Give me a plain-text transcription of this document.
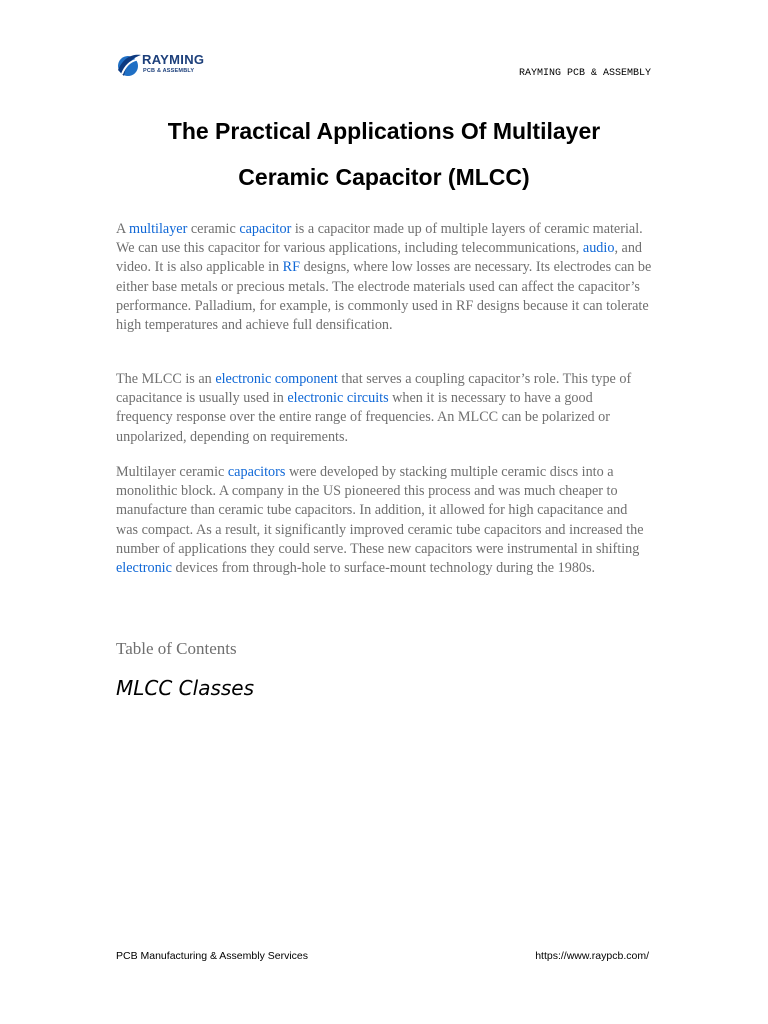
RAYMING
PCB & ASSEMBLY	RAYMING PCB & ASSEMBLY
The Practical Applications Of Multilayer
Ceramic Capacitor (MLCC)

A multilayer ceramic capacitor is a capacitor made up of multiple layers of ceramic material. We can use this capacitor for various applications, including telecommunications, audio, and video. It is also applicable in RF designs, where low losses are necessary. Its electrodes can be either base metals or precious metals. The electrode materials used can affect the capacitor’s performance. Palladium, for example, is commonly used in RF designs because it can tolerate high temperatures and achieve full densification.

The MLCC is an electronic component that serves a coupling capacitor’s role. This type of capacitance is usually used in electronic circuits when it is necessary to have a good frequency response over the entire range of frequencies. An MLCC can be polarized or unpolarized, depending on requirements.

Multilayer ceramic capacitors were developed by stacking multiple ceramic discs into a monolithic block. A company in the US pioneered this process and was much cheaper to manufacture than ceramic tube capacitors. In addition, it allowed for high capacitance and was compact. As a result, it significantly improved ceramic tube capacitors and increased the number of applications they could serve. These new capacitors were instrumental in shifting electronic devices from through-hole to surface-mount technology during the 1980s.

Table of Contents
MLCC Classes
PCB Manufacturing & Assembly Services	https://www.raypcb.com/
